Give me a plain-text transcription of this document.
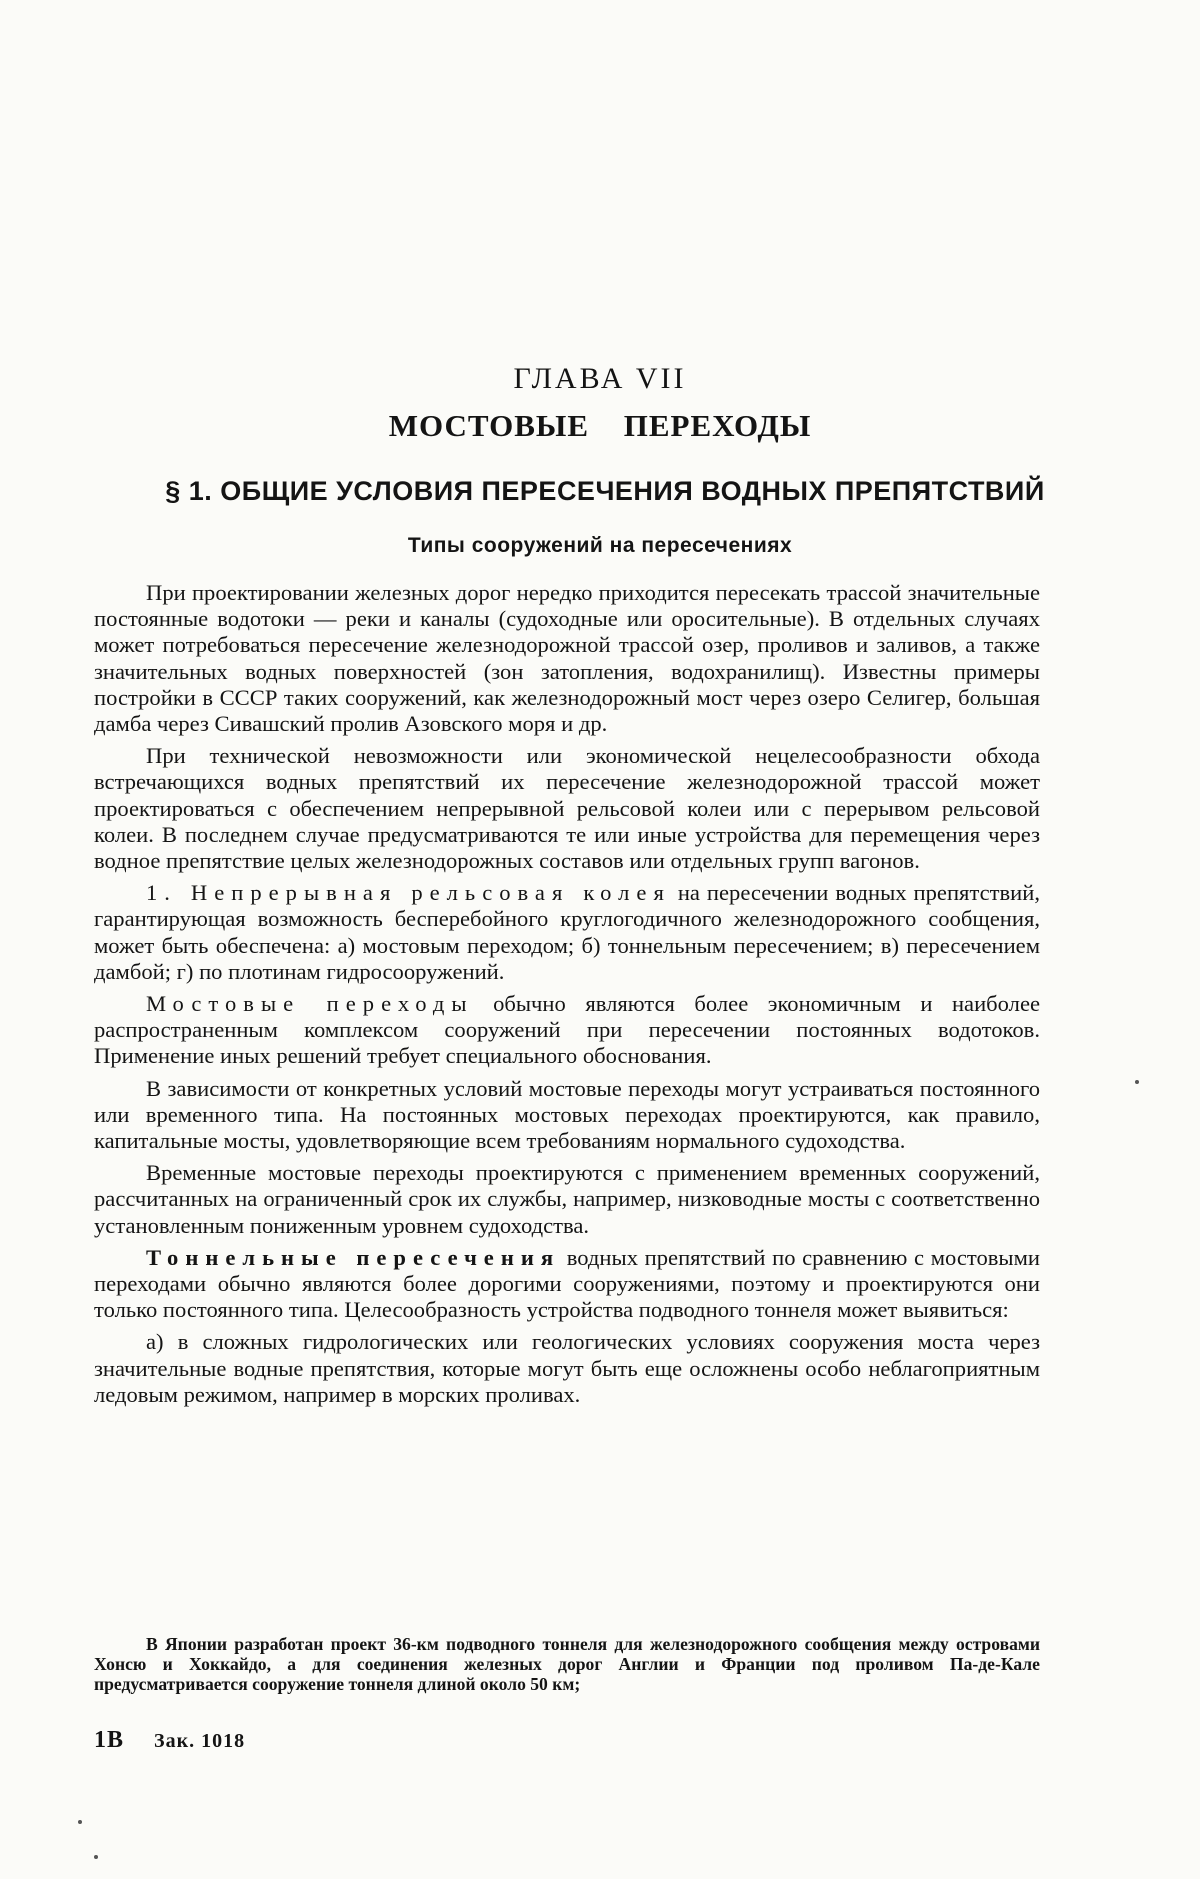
ГЛАВА VII
МОСТОВЫЕ ПЕРЕХОДЫ
§ 1. ОБЩИЕ УСЛОВИЯ ПЕРЕСЕЧЕНИЯ ВОДНЫХ ПРЕПЯТСТВИЙ
Типы сооружений на пересечениях

При проектировании железных дорог нередко приходится пересекать трассой значительные постоянные водотоки — реки и каналы (судоходные или оросительные). В отдельных случаях может потребоваться пересечение железнодорожной трассой озер, проливов и заливов, а также значительных водных поверхностей (зон затопления, водохранилищ). Известны примеры постройки в СССР таких сооружений, как железнодорожный мост через озеро Селигер, большая дамба через Сивашский пролив Азовского моря и др.

При технической невозможности или экономической нецелесообразности обхода встречающихся водных препятствий их пересечение железнодорожной трассой может проектироваться с обеспечением непрерывной рельсовой колеи или с перерывом рельсовой колеи. В последнем случае предусматриваются те или иные устройства для перемещения через водное препятствие целых железнодорожных составов или отдельных групп вагонов.

1. Непрерывная рельсовая колея на пересечении водных препятствий, гарантирующая возможность бесперебойного круглогодичного железнодорожного сообщения, может быть обеспечена: а) мостовым переходом; б) тоннельным пересечением; в) пересечением дамбой; г) по плотинам гидросооружений.

Мостовые переходы обычно являются более экономичным и наиболее распространенным комплексом сооружений при пересечении постоянных водотоков. Применение иных решений требует специального обоснования.

В зависимости от конкретных условий мостовые переходы могут устраиваться постоянного или временного типа. На постоянных мостовых переходах проектируются, как правило, капитальные мосты, удовлетворяющие всем требованиям нормального судоходства.

Временные мостовые переходы проектируются с применением временных сооружений, рассчитанных на ограниченный срок их службы, например, низководные мосты с соответственно установленным пониженным уровнем судоходства.

Тоннельные пересечения водных препятствий по сравнению с мостовыми переходами обычно являются более дорогими сооружениями, поэтому и проектируются они только постоянного типа. Целесообразность устройства подводного тоннеля может выявиться:

а) в сложных гидрологических или геологических условиях сооружения моста через значительные водные препятствия, которые могут быть еще осложнены особо неблагоприятным ледовым режимом, например в морских проливах.

В Японии разработан проект 36-км подводного тоннеля для железнодорожного сообщения между островами Хонсю и Хоккайдо, а для соединения железных дорог Англии и Франции под проливом Па-де-Кале предусматривается сооружение тоннеля длиной около 50 км;

1В Зак. 1018
